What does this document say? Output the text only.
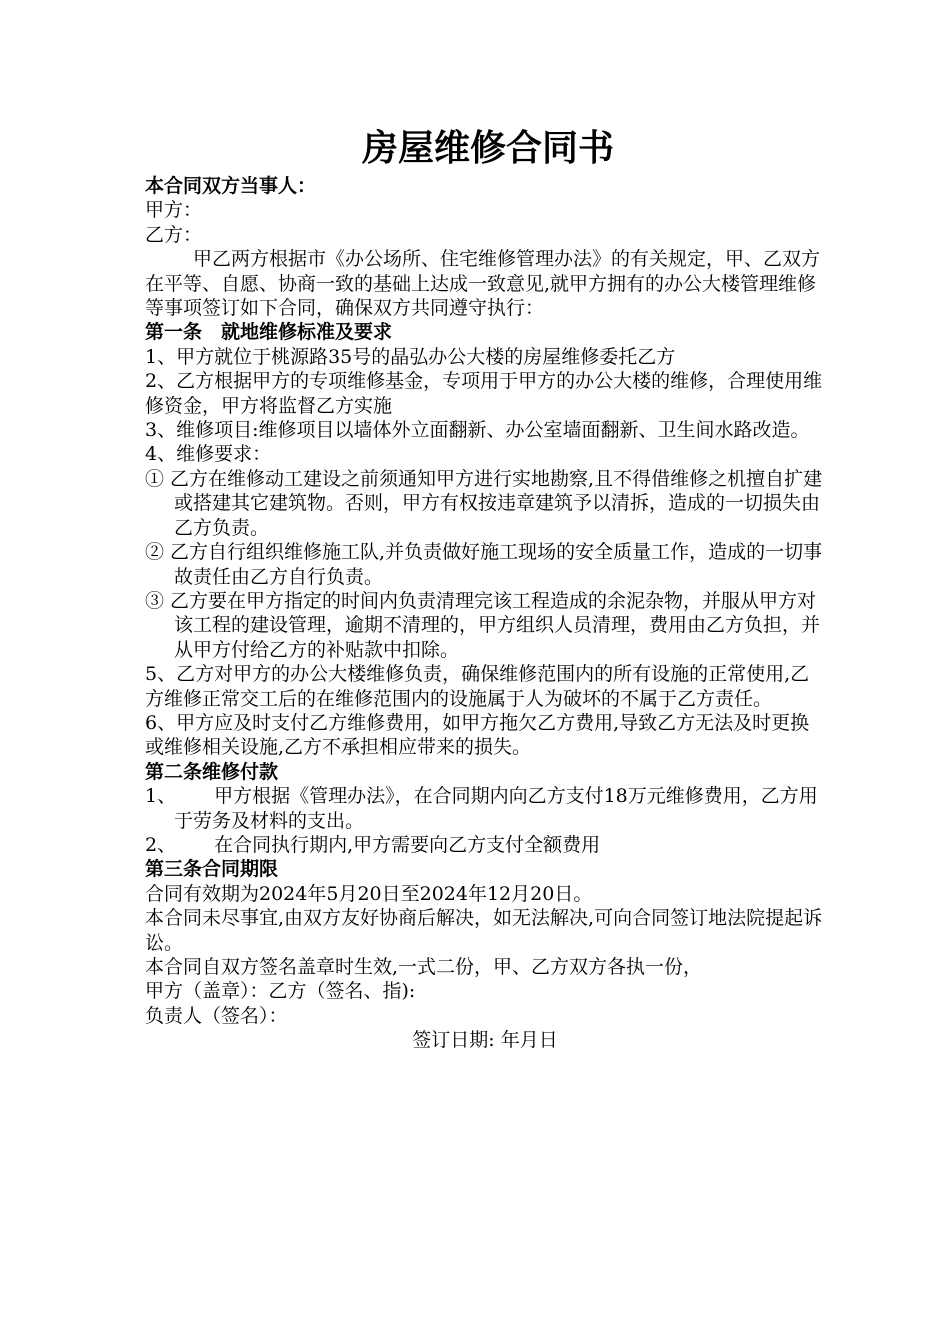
房屋维修合同书

本合同双方当事人：

甲方：

乙方：

甲乙两方根据市《办公场所、住宅维修管理办法》的有关规定，甲、乙双方在平等、自愿、协商一致的基础上达成一致意见,就甲方拥有的办公大楼管理维修等事项签订如下合同，确保双方共同遵守执行：

第一条　就地维修标准及要求

1、甲方就位于桃源路35号的晶弘办公大楼的房屋维修委托乙方

2、乙方根据甲方的专项维修基金，专项用于甲方的办公大楼的维修，合理使用维修资金，甲方将监督乙方实施

3、维修项目:维修项目以墙体外立面翻新、办公室墙面翻新、卫生间水路改造。

4、维修要求：

① 乙方在维修动工建设之前须通知甲方进行实地勘察,且不得借维修之机擅自扩建或搭建其它建筑物。否则，甲方有权按违章建筑予以清拆，造成的一切损失由乙方负责。

② 乙方自行组织维修施工队,并负责做好施工现场的安全质量工作，造成的一切事故责任由乙方自行负责。

③ 乙方要在甲方指定的时间内负责清理完该工程造成的余泥杂物，并服从甲方对该工程的建设管理，逾期不清理的，甲方组织人员清理，费用由乙方负担，并从甲方付给乙方的补贴款中扣除。

5、乙方对甲方的办公大楼维修负责，确保维修范围内的所有设施的正常使用,乙方维修正常交工后的在维修范围内的设施属于人为破坏的不属于乙方责任。

6、甲方应及时支付乙方维修费用，如甲方拖欠乙方费用,导致乙方无法及时更换或维修相关设施,乙方不承担相应带来的损失。

第二条维修付款

1、 甲方根据《管理办法》，在合同期内向乙方支付18万元维修费用，乙方用于劳务及材料的支出。

2、 在合同执行期内,甲方需要向乙方支付全额费用

第三条合同期限

合同有效期为2024年5月20日至2024年12月20日。

本合同未尽事宜,由双方友好协商后解决，如无法解决,可向合同签订地法院提起诉讼。

本合同自双方签名盖章时生效,一式二份，甲、乙方双方各执一份，

甲方（盖章）：乙方（签名、指):

负责人（签名）：

签订日期: 年月日
